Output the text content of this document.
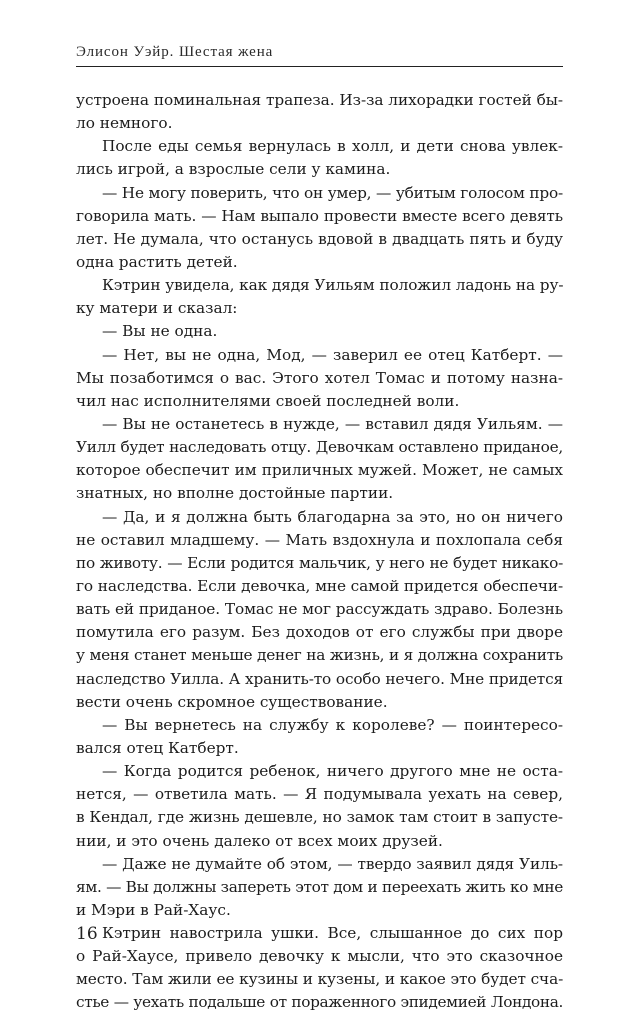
Элисон Уэйр. Шестая жена
устроена поминальная трапеза. Из-за лихорадки гостей бы-
ло немного.
После еды семья вернулась в холл, и дети снова увлек-
лись игрой, а взрослые сели у камина.
— Не могу поверить, что он умер, — убитым голосом про-
говорила мать. — Нам выпало провести вместе всего девять
лет. Не думала, что останусь вдовой в двадцать пять и буду
одна растить детей.
Кэтрин увидела, как дядя Уильям положил ладонь на ру-
ку матери и сказал:
— Вы не одна.
— Нет, вы не одна, Мод, — заверил ее отец Катберт. —
Мы позаботимся о вас. Этого хотел Томас и потому назна-
чил нас исполнителями своей последней воли.
— Вы не останетесь в нужде, — вставил дядя Уильям. —
Уилл будет наследовать отцу. Девочкам оставлено приданое,
которое обеспечит им приличных мужей. Может, не самых
знатных, но вполне достойные партии.
— Да, и я должна быть благодарна за это, но он ничего
не оставил младшему. — Мать вздохнула и похлопала себя
по животу. — Если родится мальчик, у него не будет никако-
го наследства. Если девочка, мне самой придется обеспечи-
вать ей приданое. Томас не мог рассуждать здраво. Болезнь
помутила его разум. Без доходов от его службы при дворе
у меня станет меньше денег на жизнь, и я должна сохранить
наследство Уилла. А хранить-то особо нечего. Мне придется
вести очень скромное существование.
— Вы вернетесь на службу к королеве? — поинтересо-
вался отец Катберт.
— Когда родится ребенок, ничего другого мне не оста-
нется, — ответила мать. — Я подумывала уехать на север,
в Кендал, где жизнь дешевле, но замок там стоит в запусте-
нии, и это очень далеко от всех моих друзей.
— Даже не думайте об этом, — твердо заявил дядя Уиль-
ям. — Вы должны запереть этот дом и переехать жить ко мне
и Мэри в Рай-Хаус.
Кэтрин навострила ушки. Все, слышанное до сих пор
о Рай-Хаусе, привело девочку к мысли, что это сказочное
место. Там жили ее кузины и кузены, и какое это будет сча-
стье — уехать подальше от пораженного эпидемией Лондона.
16
